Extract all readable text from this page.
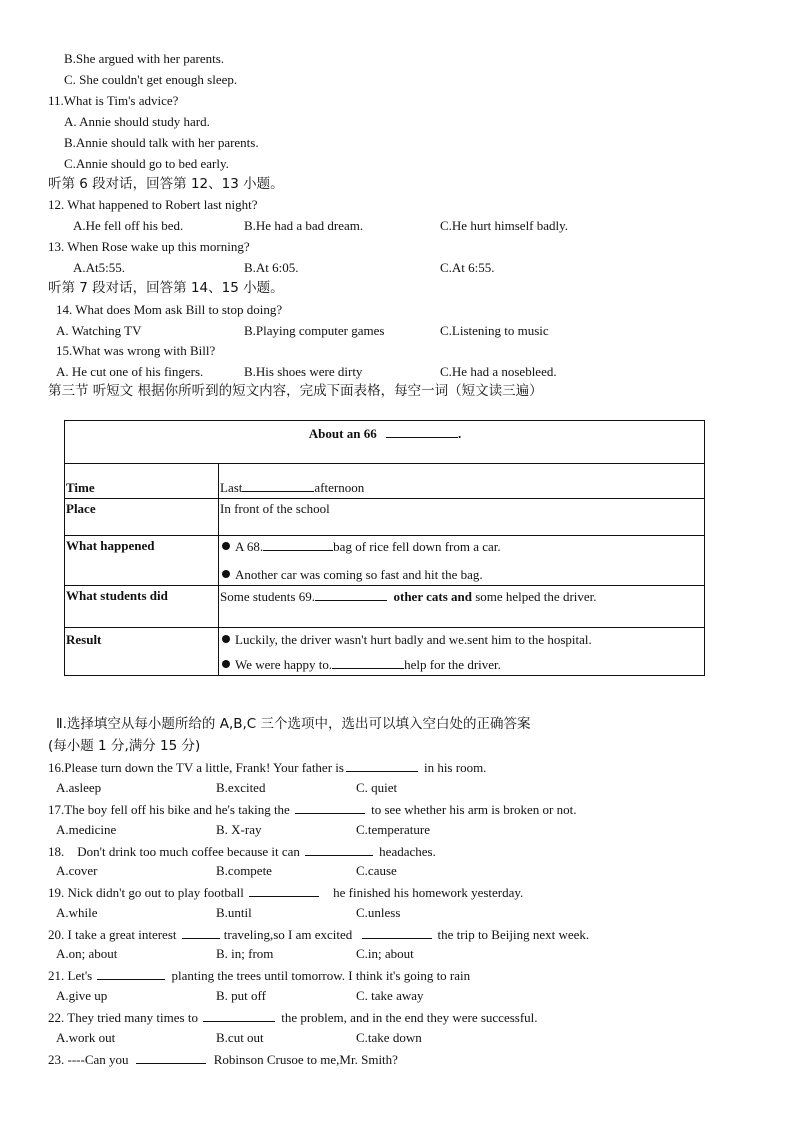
B.She argued with her parents.
C. She couldn't get enough sleep.
11.What is Tim's advice?
A. Annie should study hard.
B.Annie should talk with her parents.
C.Annie should go to bed early.
听第 6 段对话，回答第 12、13 小题。
12. What happened to Robert last night?
A.He fell off his bed.	B.He had a bad dream.	C.He hurt himself badly.
13. When Rose wake up this morning?
A.At5:55.	B.At 6:05.	C.At 6:55.
听第 7 段对话，回答第 14、15 小题。
14. What does Mom ask Bill to stop doing?
A. Watching TV	B.Playing computer games	C.Listening to music
15.What was wrong with Bill?
A. He cut one of his fingers.	B.His shoes were dirty	C.He had a nosebleed.
第三节 听短文 根据你所听到的短文内容，完成下面表格，每空一词（短文读三遍）
About an 66 .	
Time	Last afternoon
Place	In front of the school
What happened	A 68. bag of rice fell down from a car.
Another car was coming so fast and hit the bag.

What students did	Some students 69. other cats and some helped the driver.
Result	Luckily, the driver wasn't hurt badly and we.sent him to the hospital.
We were happy to. help for the driver.
Ⅱ.选择填空从每小题所给的 A,B,C 三个选项中，选出可以填入空白处的正确答案
(每小题 1 分,满分 15 分)
16.Please turn down the TV a little, Frank! Your father is	in his room.
A.asleep	B.excited	C. quiet
17.The boy fell off his bike and he's taking the	to see whether his arm is broken or not.
A.medicine	B. X-ray	C.temperature
18.    Don't drink too much coffee because it can	headaches.
A.cover	B.compete	C.cause
19. Nick didn't go out to play football	he finished his homework yesterday.
A.while	B.until	C.unless
20. I take a great interest	traveling,so I am excited	the trip to Beijing next week.
A.on; about	B. in; from	C.in; about
21. Let's	planting the trees until tomorrow. I think it's going to rain
A.give up	B. put off	C. take away
22. They tried many times to	the problem, and in the end they were successful.
A.work out	B.cut out	C.take down
23. ----Can you	Robinson Crusoe to me,Mr. Smith?
